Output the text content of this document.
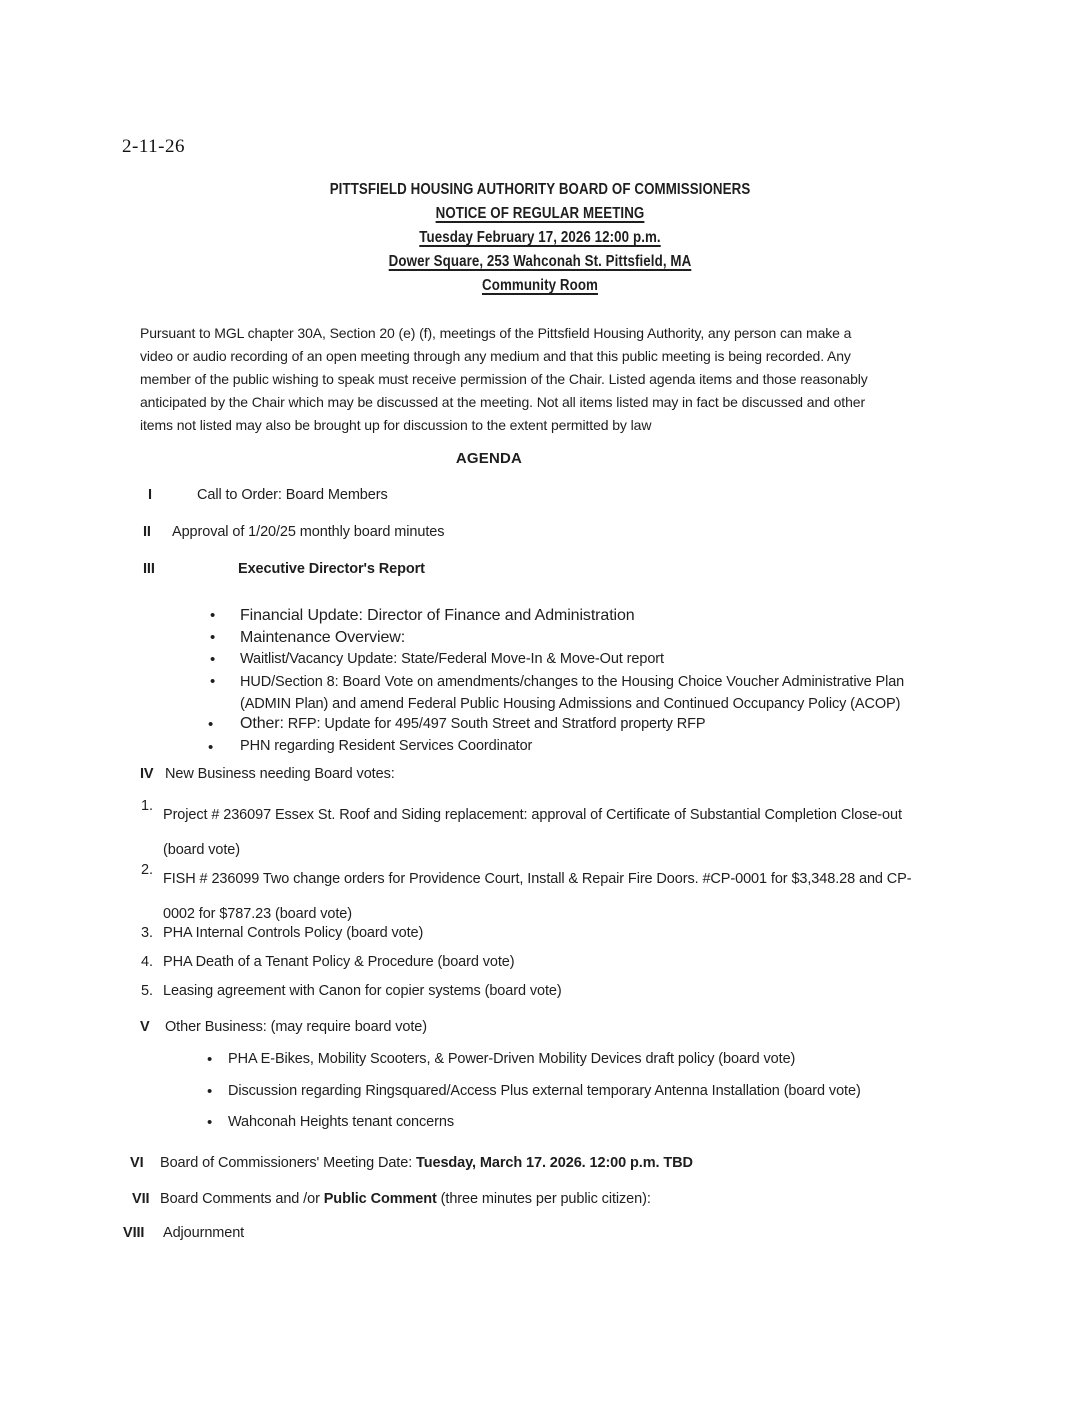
2-11-26
PITTSFIELD HOUSING AUTHORITY BOARD OF COMMISSIONERS
NOTICE OF REGULAR MEETING
Tuesday February 17, 2026 12:00 p.m.
Dower Square, 253 Wahconah St. Pittsfield, MA
Community Room
Pursuant to MGL chapter 30A, Section 20 (e) (f), meetings of the Pittsfield Housing Authority, any person can make a
video or audio recording of an open meeting through any medium and that this public meeting is being recorded. Any
member of the public wishing to speak must receive permission of the Chair. Listed agenda items and those reasonably
anticipated by the Chair which may be discussed at the meeting. Not all items listed may in fact be discussed and other
items not listed may also be brought up for discussion to the extent permitted by law
AGENDA
I	Call to Order: Board Members
II Approval of 1/20/25 monthly board minutes
III	Executive Director's Report
•
Financial Update: Director of Finance and Administration
•
Maintenance Overview:
•
Waitlist/Vacancy Update: State/Federal Move-In & Move-Out report
•
HUD/Section 8: Board Vote on amendments/changes to the Housing Choice Voucher Administrative Plan
(ADMIN Plan) and amend Federal Public Housing Admissions and Continued Occupancy Policy (ACOP)
•
Other: RFP: Update for 495/497 South Street and Stratford property RFP
•
PHN regarding Resident Services Coordinator
IV New Business needing Board votes:
1.
Project # 236097 Essex St. Roof and Siding replacement: approval of Certificate of Substantial Completion Close-out
(board vote)
2.
FISH # 236099 Two change orders for Providence Court, Install & Repair Fire Doors. #CP-0001 for $3,348.28 and CP-
0002 for $787.23 (board vote)
3. PHA Internal Controls Policy (board vote)
4. PHA Death of a Tenant Policy & Procedure (board vote)
5. Leasing agreement with Canon for copier systems (board vote)
V Other Business: (may require board vote)
•
PHA E-Bikes, Mobility Scooters, & Power-Driven Mobility Devices draft policy (board vote)
•
Discussion regarding Ringsquared/Access Plus external temporary Antenna Installation (board vote)
•
Wahconah Heights tenant concerns
VI Board of Commissioners' Meeting Date: Tuesday, March 17. 2026. 12:00 p.m. TBD
VII Board Comments and /or Public Comment (three minutes per public citizen):
VIII Adjournment
